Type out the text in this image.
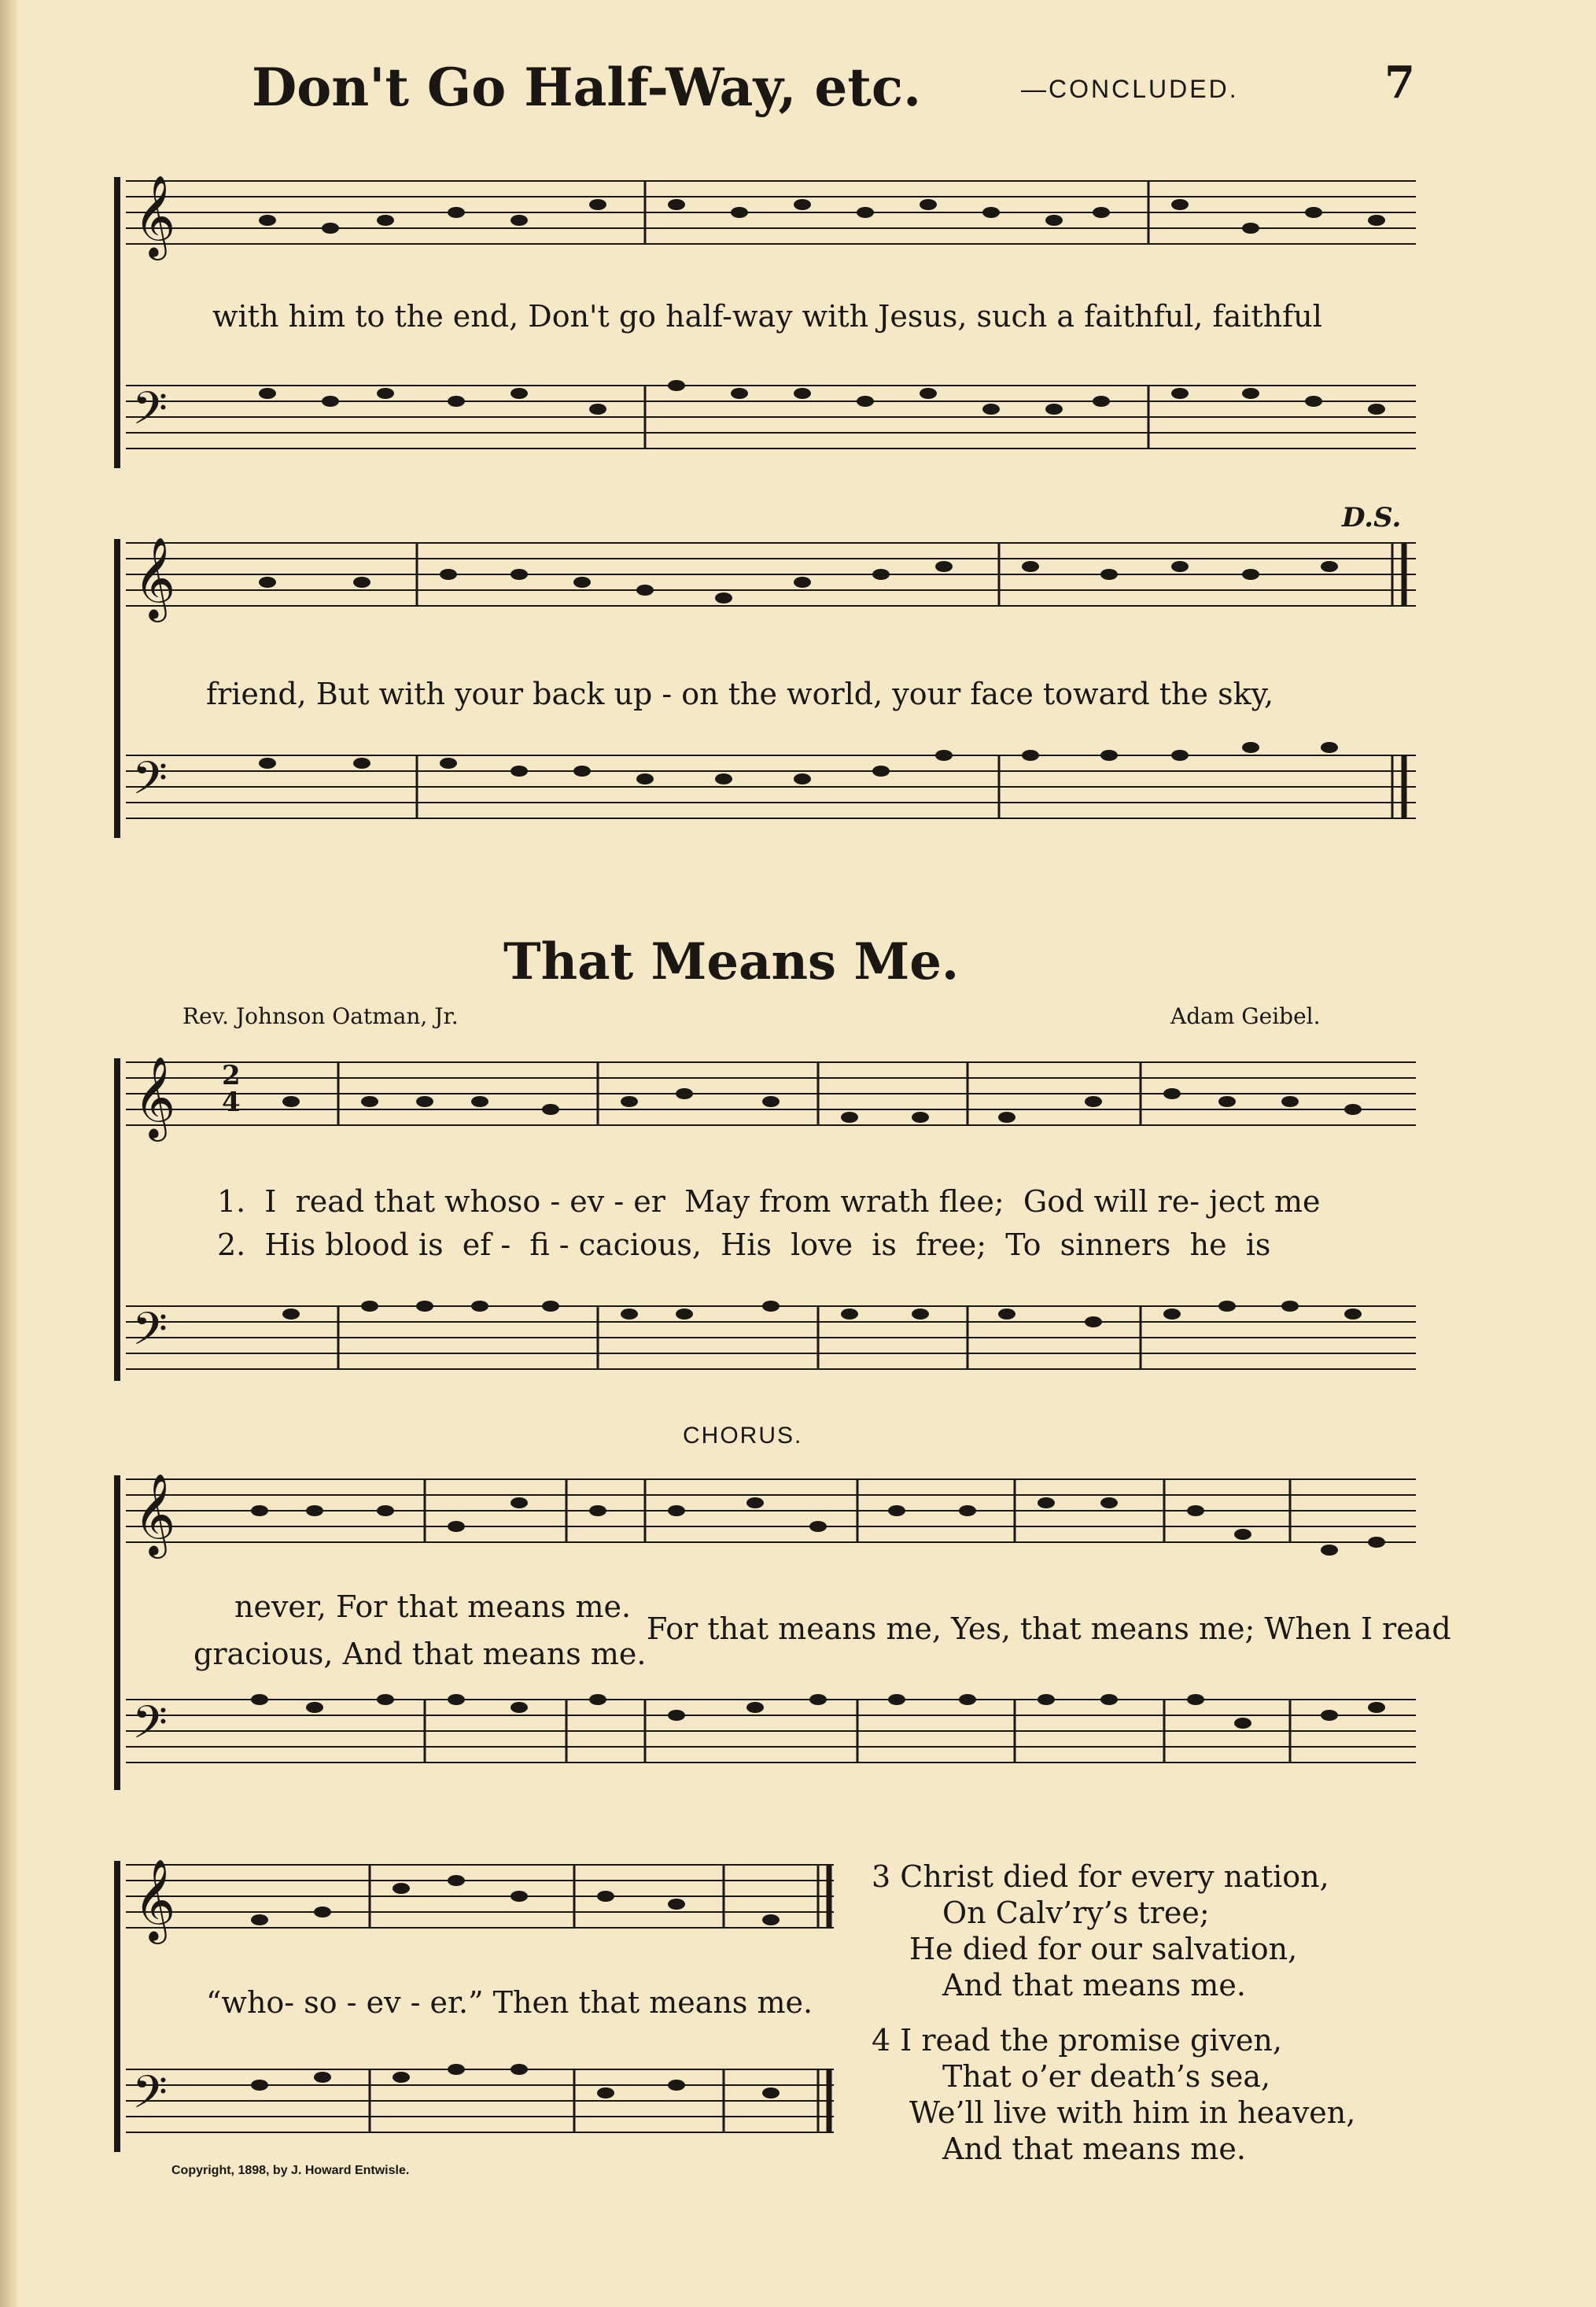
Don't Go Half-Way, etc.	—CONCLUDED.	7
𝄞
with him to the end, Don't go half-way with Jesus, such a faithful, faithful
𝄢
𝄞
D.S.
friend, But with your back up - on the world, your face toward the sky,
𝄢
That Means Me.
Rev. Johnson Oatman, Jr.	Adam Geibel.
𝄞 2
4
1.  I  read that whoso - ev - er  May from wrath flee;  God will re- ject me
2.  His blood is  ef -  fi - cacious,  His  love  is  free;  To  sinners  he  is
𝄢
CHORUS.
𝄞
never, For that means me.
gracious, And that means me.
For that means me, Yes, that means me; When I read
𝄢
𝄞
“who- so - ev - er.” Then that means me.
𝄢
Copyright, 1898, by J. Howard Entwisle.
3 Christ died for every nation,
On Calv’ry’s tree;
He died for our salvation,
And that means me.
4 I read the promise given,
That o’er death’s sea,
We’ll live with him in heaven,
And that means me.
